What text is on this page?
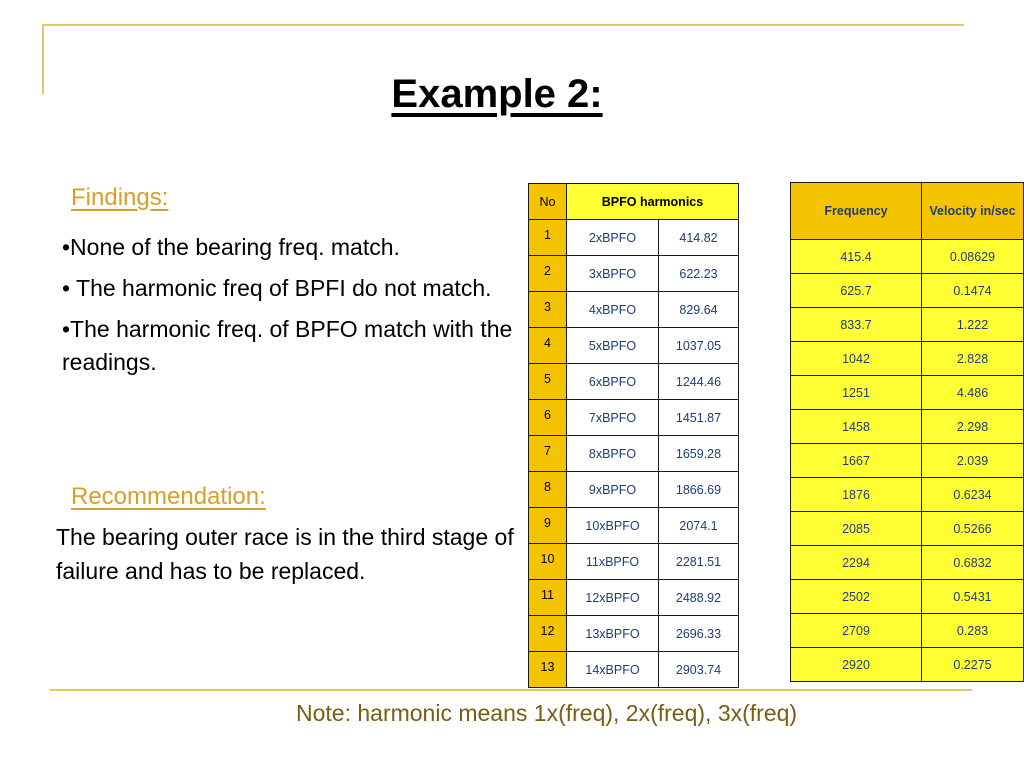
Example 2:
Findings:

•None of the bearing freq. match.

• The harmonic freq of BPFI do not match.

•The harmonic freq. of BPFO match with the readings.

Recommendation:
The bearing outer race is in the third stage of failure and has to be replaced.
No	BPFO harmonics	
1	2xBPFO	414.82
2	3xBPFO	622.23
3	4xBPFO	829.64
4	5xBPFO	1037.05
5	6xBPFO	1244.46
6	7xBPFO	1451.87
7	8xBPFO	1659.28
8	9xBPFO	1866.69
9	10xBPFO	2074.1
10	11xBPFO	2281.51
11	12xBPFO	2488.92
12	13xBPFO	2696.33
13	14xBPFO	2903.74
Frequency	Velocity in/sec
415.4	0.08629
625.7	0.1474
833.7	1.222
1042	2.828
1251	4.486
1458	2.298
1667	2.039
1876	0.6234
2085	0.5266
2294	0.6832
2502	0.5431
2709	0.283
2920	0.2275
Note: harmonic means 1x(freq), 2x(freq), 3x(freq)
